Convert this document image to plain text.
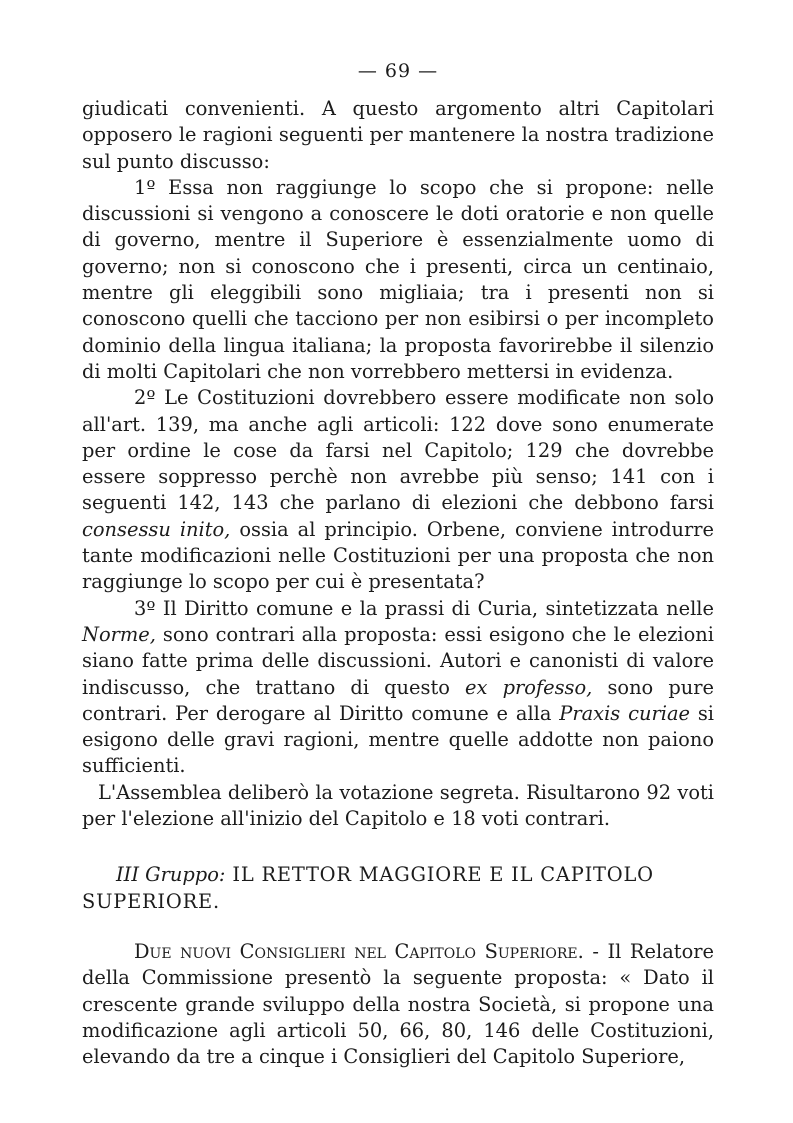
— 69 —

giudicati convenienti. A questo argomento altri Capitolari opposero le ragioni seguenti per mantenere la nostra tradizione sul punto discusso:

1º Essa non raggiunge lo scopo che si propone: nelle discussioni si vengono a conoscere le doti oratorie e non quelle di governo, mentre il Superiore è essenzialmente uomo di governo; non si conoscono che i presenti, circa un centinaio, mentre gli eleggibili sono migliaia; tra i presenti non si conoscono quelli che tacciono per non esibirsi o per incompleto dominio della lingua italiana; la proposta favorirebbe il silenzio di molti Capitolari che non vorrebbero mettersi in evidenza.

2º Le Costituzioni dovrebbero essere modificate non solo all'art. 139, ma anche agli articoli: 122 dove sono enumerate per ordine le cose da farsi nel Capitolo; 129 che dovrebbe essere soppresso perchè non avrebbe più senso; 141 con i seguenti 142, 143 che parlano di elezioni che debbono farsi consessu inito, ossia al principio. Orbene, conviene introdurre tante modificazioni nelle Costituzioni per una proposta che non raggiunge lo scopo per cui è presentata?

3º Il Diritto comune e la prassi di Curia, sintetizzata nelle Norme, sono contrari alla proposta: essi esigono che le elezioni siano fatte prima delle discussioni. Autori e canonisti di valore indiscusso, che trattano di questo ex professo, sono pure contrari. Per derogare al Diritto comune e alla Praxis curiae si esigono delle gravi ragioni, mentre quelle addotte non paiono sufficienti.

L'Assemblea deliberò la votazione segreta. Risultarono 92 voti per l'elezione all'inizio del Capitolo e 18 voti contrari.

III Gruppo: IL RETTOR MAGGIORE E IL CAPITOLO

SUPERIORE.

Due nuovi Consiglieri nel Capitolo Superiore. - Il Relatore della Commissione presentò la seguente proposta: « Dato il crescente grande sviluppo della nostra Società, si propone una modificazione agli articoli 50, 66, 80, 146 delle Costituzioni, elevando da tre a cinque i Consiglieri del Capitolo Superiore,
